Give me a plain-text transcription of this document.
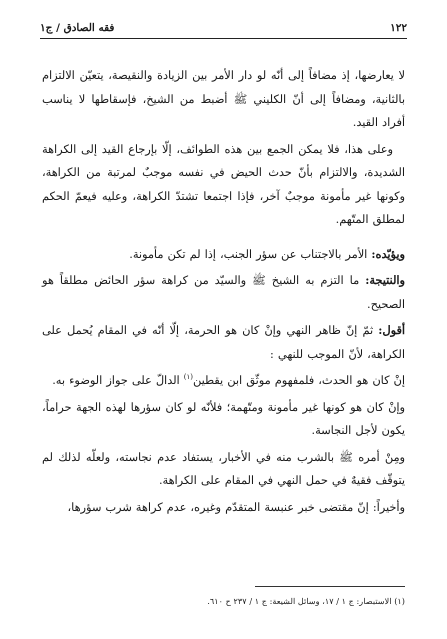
١٢٢
فقه الصادق / ج١

لا يعارضها، إذ مضافاً إلى أنّه لو دار الأمر بين الزيادة والنقيصة، يتعيّن الالتزام بالثانية، ومضافاً إلى أنّ الكليني ﷺ أضبط من الشيخ، فإسقاطها لا يناسب أفراد القيد.

وعلى هذا، فلا يمكن الجمع بين هذه الطوائف، إلّا بإرجاع القيد إلى الكراهة الشديدة، والالتزام بأنّ حدث الحيض في نفسه موجبٌ لمرتبة من الكراهة، وكونها غير مأمونة موجبٌ آخر، فإذا اجتمعا تشتدّ الكراهة، وعليه فيعمّ الحكم لمطلق المتّهم.

ويؤيّده: الأمر بالاجتناب عن سؤر الجنب، إذا لم تكن مأمونة.

والنتيجة: ما التزم به الشيخ ﷺ والسيّد من كراهة سؤر الحائض مطلقاً هو الصحيح.

أقول: ثمّ إنّ ظاهر النهي وإنْ كان هو الحرمة، إلّا أنّه في المقام يُحمل على الكراهة، لأنّ الموجب للنهي :

إنْ كان هو الحدث، فلمفهوم موثّق ابن يقطين$^{(١)}$ الدالّ على جواز الوضوء به.

وإنْ كان هو كونها غير مأمونة ومتّهمة؛ فلأنّه لو كان سؤرها لهذه الجهة حراماً، يكون لأجل النجاسة.

ومِنْ أمره ﷺ بالشرب منه في الأخبار، يستفاد عدم نجاسته، ولعلّه لذلك لم يتوقّف فقيهٌ في حمل النهي في المقام على الكراهة.

وأخيراً: إنّ مقتضى خبر عنبسة المتقدّم وغيره، عدم كراهة شرب سؤرها،

(١) الاستبصار: ج ١ / ١٧، وسائل الشيعة: ج ١ / ٢٣٧ ح ٦١٠.
